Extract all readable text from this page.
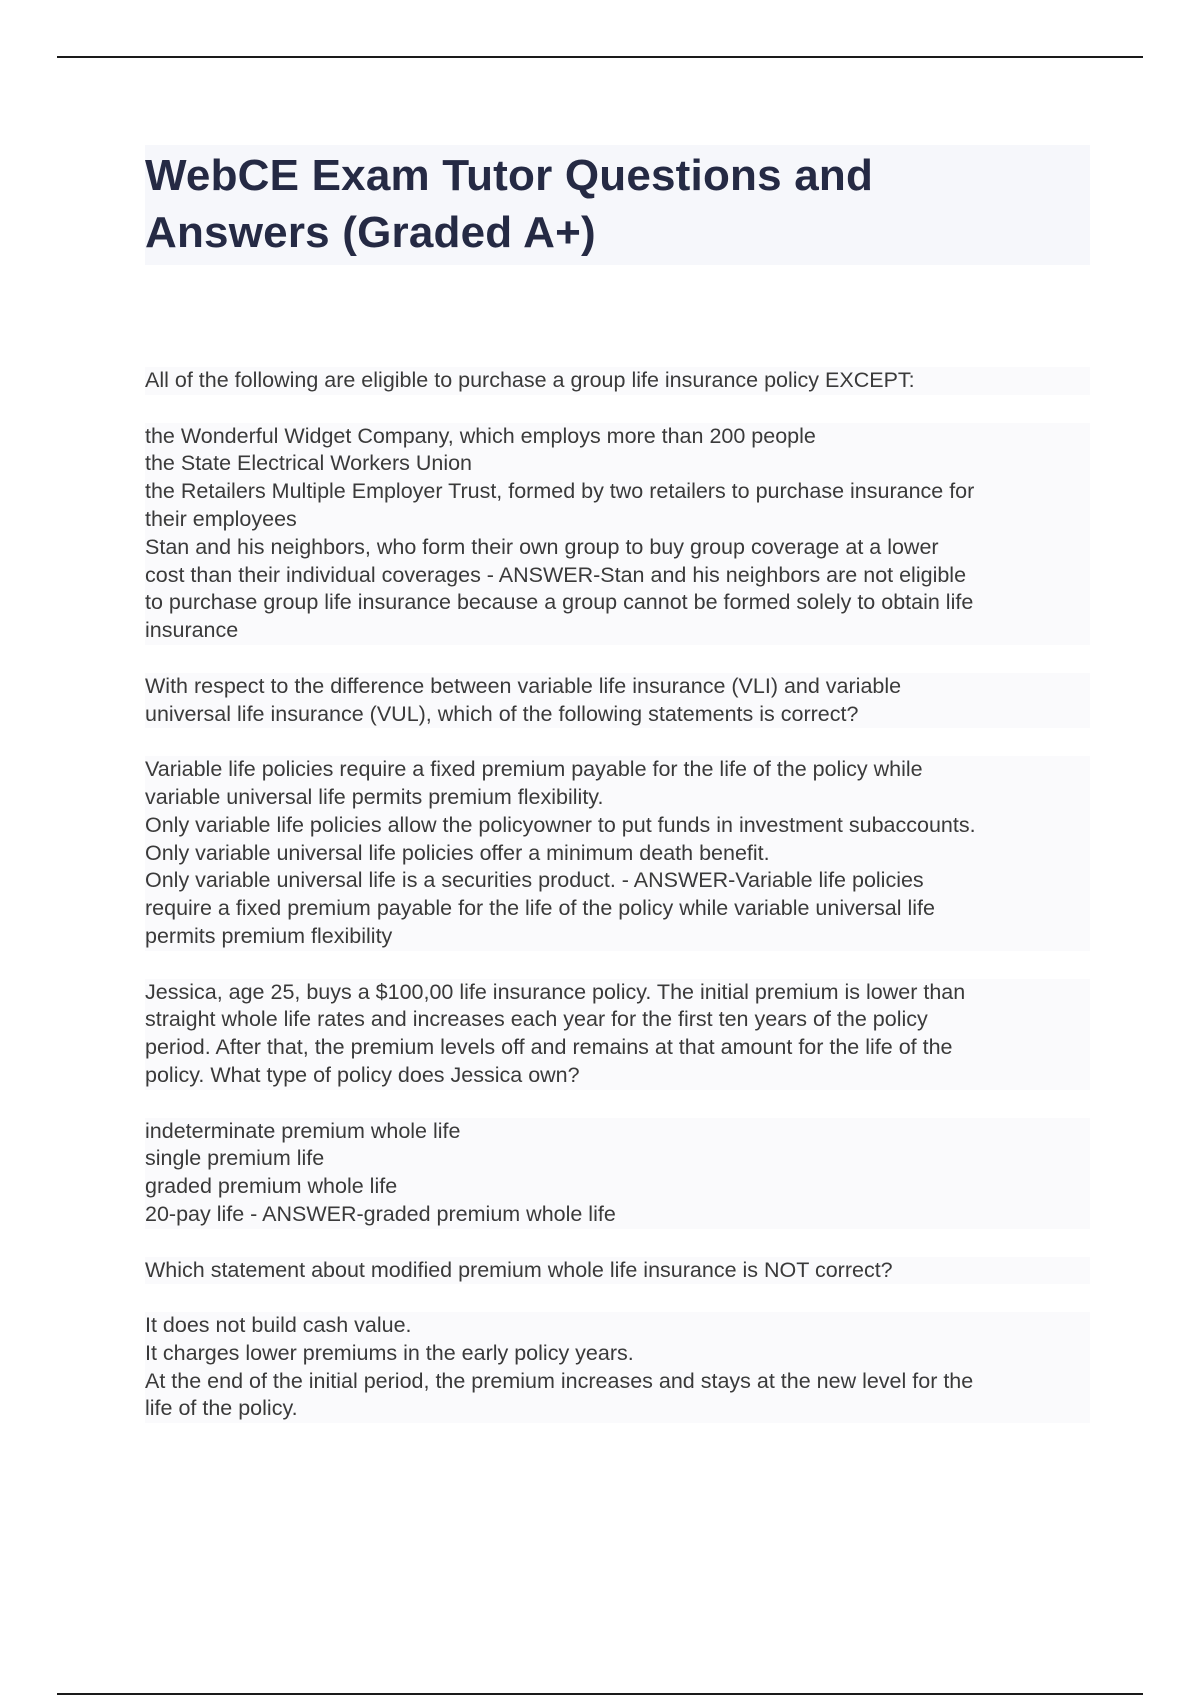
WebCE Exam Tutor Questions and
Answers (Graded A+)

All of the following are eligible to purchase a group life insurance policy EXCEPT:

the Wonderful Widget Company, which employs more than 200 people
the State Electrical Workers Union
the Retailers Multiple Employer Trust, formed by two retailers to purchase insurance for
their employees
Stan and his neighbors, who form their own group to buy group coverage at a lower
cost than their individual coverages - ANSWER-Stan and his neighbors are not eligible
to purchase group life insurance because a group cannot be formed solely to obtain life
insurance

With respect to the difference between variable life insurance (VLI) and variable
universal life insurance (VUL), which of the following statements is correct?

Variable life policies require a fixed premium payable for the life of the policy while
variable universal life permits premium flexibility.
Only variable life policies allow the policyowner to put funds in investment subaccounts.
Only variable universal life policies offer a minimum death benefit.
Only variable universal life is a securities product. - ANSWER-Variable life policies
require a fixed premium payable for the life of the policy while variable universal life
permits premium flexibility

Jessica, age 25, buys a $100,00 life insurance policy. The initial premium is lower than
straight whole life rates and increases each year for the first ten years of the policy
period. After that, the premium levels off and remains at that amount for the life of the
policy. What type of policy does Jessica own?

indeterminate premium whole life
single premium life
graded premium whole life
20-pay life - ANSWER-graded premium whole life

Which statement about modified premium whole life insurance is NOT correct?

It does not build cash value.
It charges lower premiums in the early policy years.
At the end of the initial period, the premium increases and stays at the new level for the
life of the policy.
